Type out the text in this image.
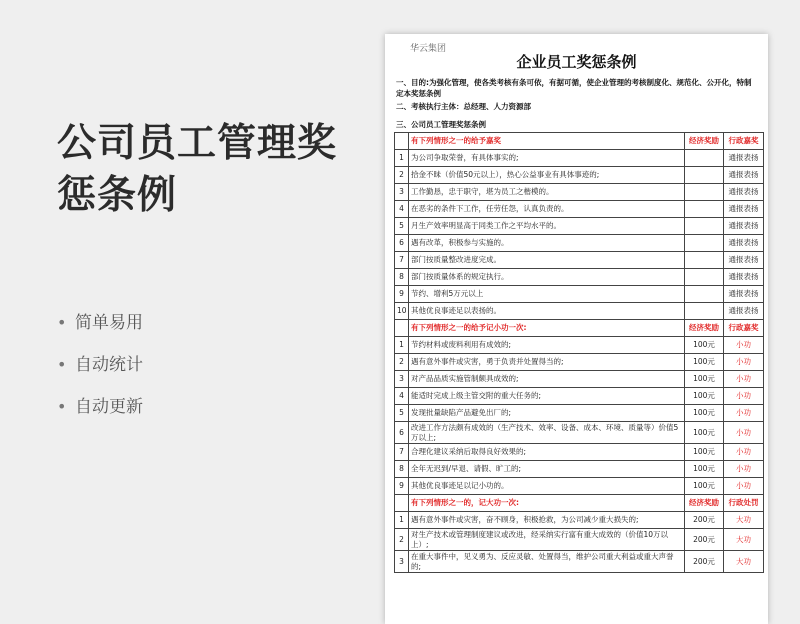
公司员工管理奖惩条例
• 简单易用
• 自动统计
• 自动更新
华云集团
企业员工奖惩条例
一、目的:为强化管理，使各类考核有条可依，有据可循，使企业管理的考核制度化、规范化、公开化，特制定本奖惩条例
二、考核执行主体：总经理、人力资源部
三、公司员工管理奖惩条例
	有下列情形之一的给予嘉奖	经济奖励	行政嘉奖
1	为公司争取荣誉，有具体事实的;		通报表扬
2	拾金不昧（价值50元以上），热心公益事业有具体事迹的;		通报表扬
3	工作勤恳，忠于职守，堪为员工之楷模的。		通报表扬
4	在恶劣的条件下工作，任劳任怨，认真负责的。		通报表扬
5	月生产效率明显高于同类工作之平均水平的。		通报表扬
6	遇有改革，积极参与实施的。		通报表扬
7	部门按质量整改进度完成。		通报表扬
8	部门按质量体系的规定执行。		通报表扬
9	节约、增利5万元以上		通报表扬
10	其他优良事迹足以表扬的。		通报表扬
	有下列情形之一的给予记小功一次:	经济奖励	行政嘉奖
1	节约材料或废料利用有成效的;	100元	小功
2	遇有意外事件或灾害，勇于负责并处置得当的;	100元	小功
3	对产品品质实施管制颇具成效的;	100元	小功
4	能适时完成上级主管交附的重大任务的;	100元	小功
5	发现批量缺陷产品避免出厂的;	100元	小功
6	改进工作方法颇有成效的（生产技术、效率、设备、成本、环境、质量等）价值5万以上;	100元	小功
7	合理化建议采纳后取得良好效果的;	100元	小功
8	全年无迟到/早退、请假、旷工的;	100元	小功
9	其他优良事迹足以记小功的。	100元	小功
	有下列情形之一的，记大功一次:	经济奖励	行政处罚
1	遇有意外事件或灾害，奋不顾身，积极抢救，为公司减少重大损失的;	200元	大功
2	对生产技术或管理制度建议或改进，经采纳实行富有重大成效的（价值10万以上）;	200元	大功
3	在重大事件中，见义勇为、反应灵敏、处置得当，维护公司重大利益或重大声誉的;	200元	大功
